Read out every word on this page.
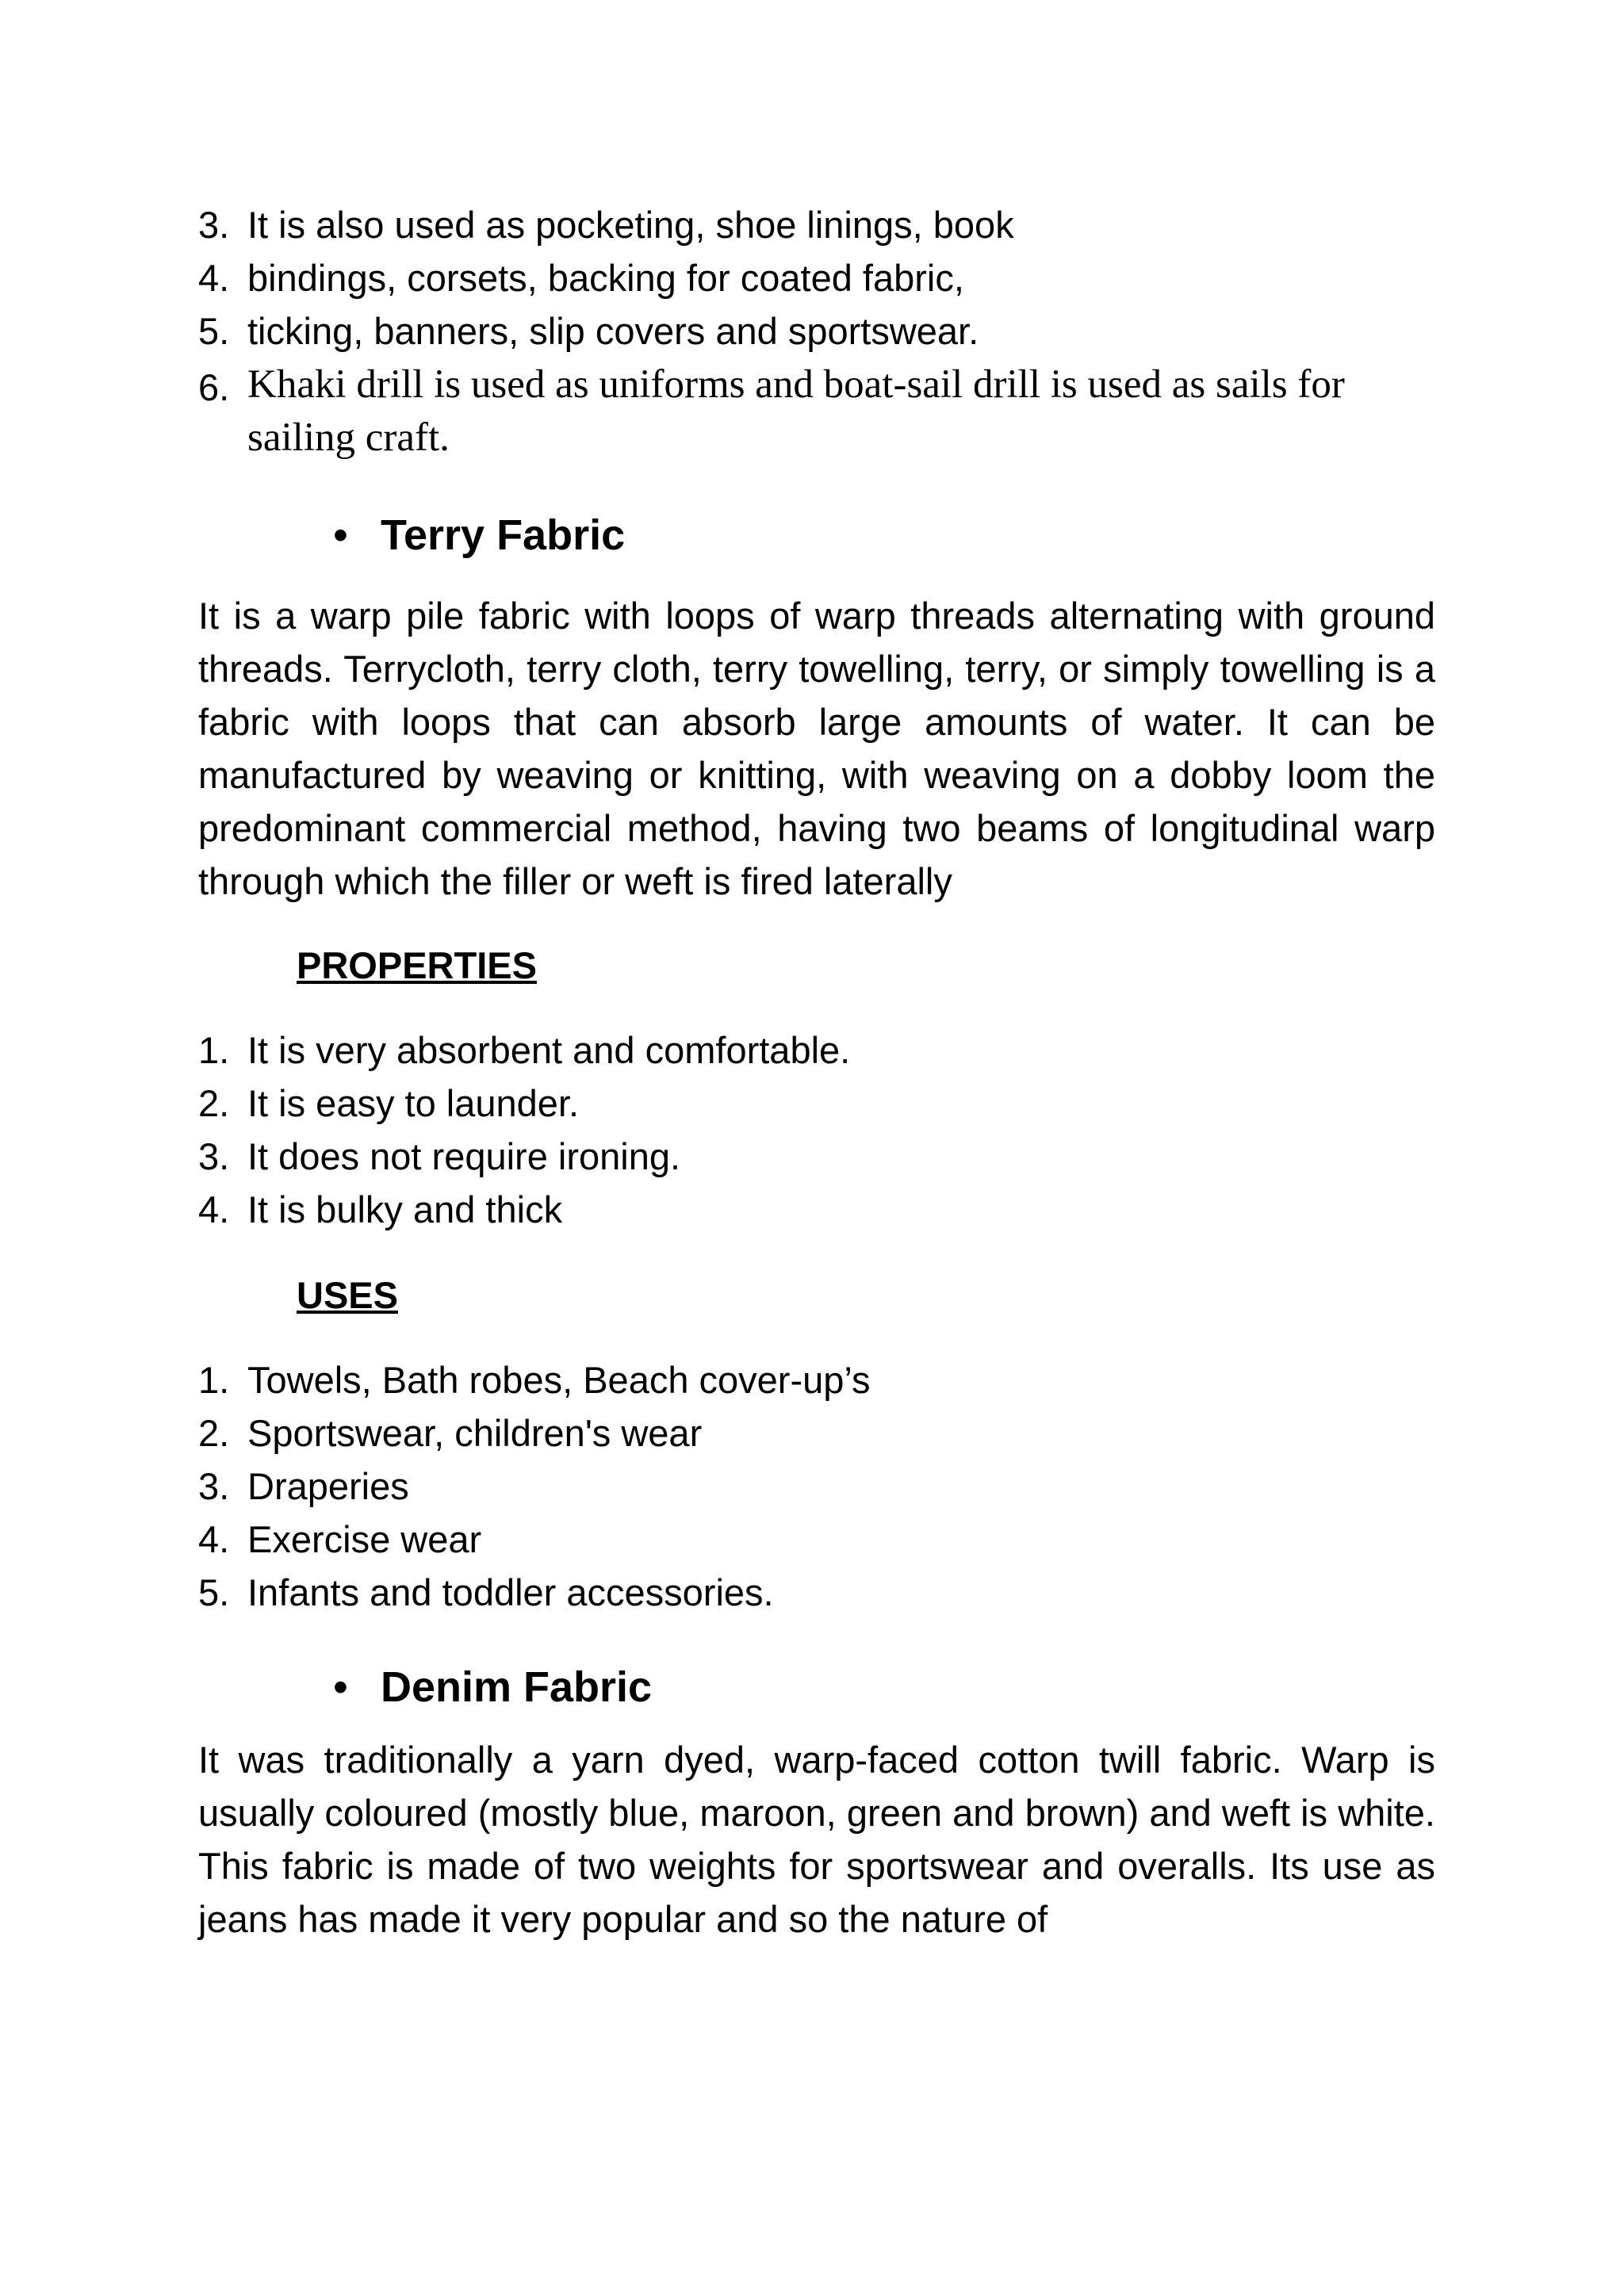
3. It is also used as pocketing, shoe linings, book
4. bindings, corsets, backing for coated fabric,
5. ticking, banners, slip covers and sportswear.
6. Khaki drill is used as uniforms and boat-sail drill is used as sails for sailing craft.
• Terry Fabric

It is a warp pile fabric with loops of warp threads alternating with ground threads. Terrycloth, terry cloth, terry towelling, terry, or simply towelling is a fabric with loops that can absorb large amounts of water. It can be manufactured by weaving or knitting, with weaving on a dobby loom the predominant commercial method, having two beams of longitudinal warp through which the filler or weft is fired laterally

PROPERTIES
1. It is very absorbent and comfortable.
2. It is easy to launder.
3. It does not require ironing.
4. It is bulky and thick
USES
1. Towels, Bath robes, Beach cover-up’s
2. Sportswear, children's wear
3. Draperies
4. Exercise wear
5. Infants and toddler accessories.
• Denim Fabric

It was traditionally a yarn dyed, warp-faced cotton twill fabric. Warp is usually coloured (mostly blue, maroon, green and brown) and weft is white. This fabric is made of two weights for sportswear and overalls. Its use as jeans has made it very popular and so the nature of
